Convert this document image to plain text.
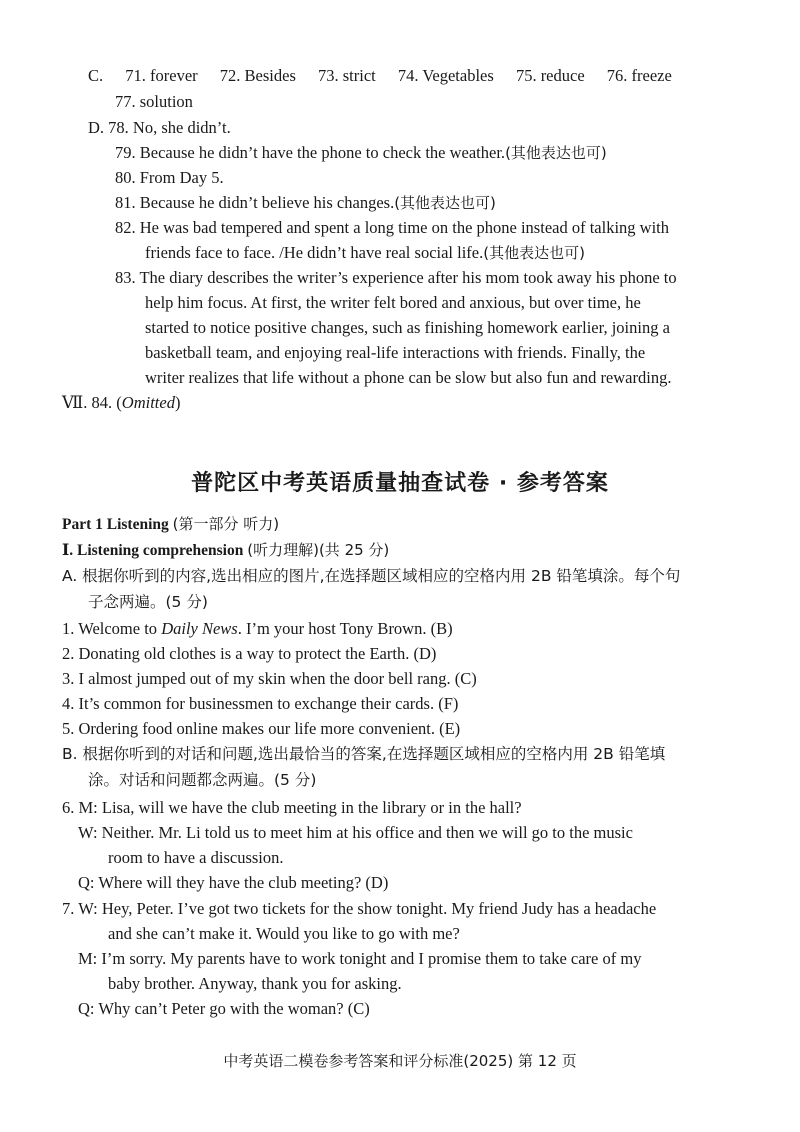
C. 71. forever 72. Besides 73. strict 74. Vegetables 75. reduce 76. freeze
77. solution
D. 78. No, she didn’t.
79. Because he didn’t have the phone to check the weather.(其他表达也可)
80. From Day 5.
81. Because he didn’t believe his changes.(其他表达也可)
82. He was bad tempered and spent a long time on the phone instead of talking with
friends face to face. /He didn’t have real social life.(其他表达也可)
83. The diary describes the writer’s experience after his mom took away his phone to
help him focus. At first, the writer felt bored and anxious, but over time, he
started to notice positive changes, such as finishing homework earlier, joining a
basketball team, and enjoying real-life interactions with friends. Finally, the
writer realizes that life without a phone can be slow but also fun and rewarding.
Ⅶ. 84. (Omitted)
普陀区中考英语质量抽查试卷 · 参考答案
Part 1 Listening (第一部分 听力)
Ⅰ. Listening comprehension (听力理解)(共 25 分)
A. 根据你听到的内容,选出相应的图片,在选择题区域相应的空格内用 2B 铅笔填涂。每个句
子念两遍。(5 分)
1. Welcome to Daily News. I’m your host Tony Brown. (B)
2. Donating old clothes is a way to protect the Earth. (D)
3. I almost jumped out of my skin when the door bell rang. (C)
4. It’s common for businessmen to exchange their cards. (F)
5. Ordering food online makes our life more convenient. (E)
B. 根据你听到的对话和问题,选出最恰当的答案,在选择题区域相应的空格内用 2B 铅笔填
涂。对话和问题都念两遍。(5 分)
6. M: Lisa, will we have the club meeting in the library or in the hall?
W: Neither. Mr. Li told us to meet him at his office and then we will go to the music
room to have a discussion.
Q: Where will they have the club meeting? (D)
7. W: Hey, Peter. I’ve got two tickets for the show tonight. My friend Judy has a headache
and she can’t make it. Would you like to go with me?
M: I’m sorry. My parents have to work tonight and I promise them to take care of my
baby brother. Anyway, thank you for asking.
Q: Why can’t Peter go with the woman? (C)
中考英语二模卷参考答案和评分标准(2025) 第 12 页
